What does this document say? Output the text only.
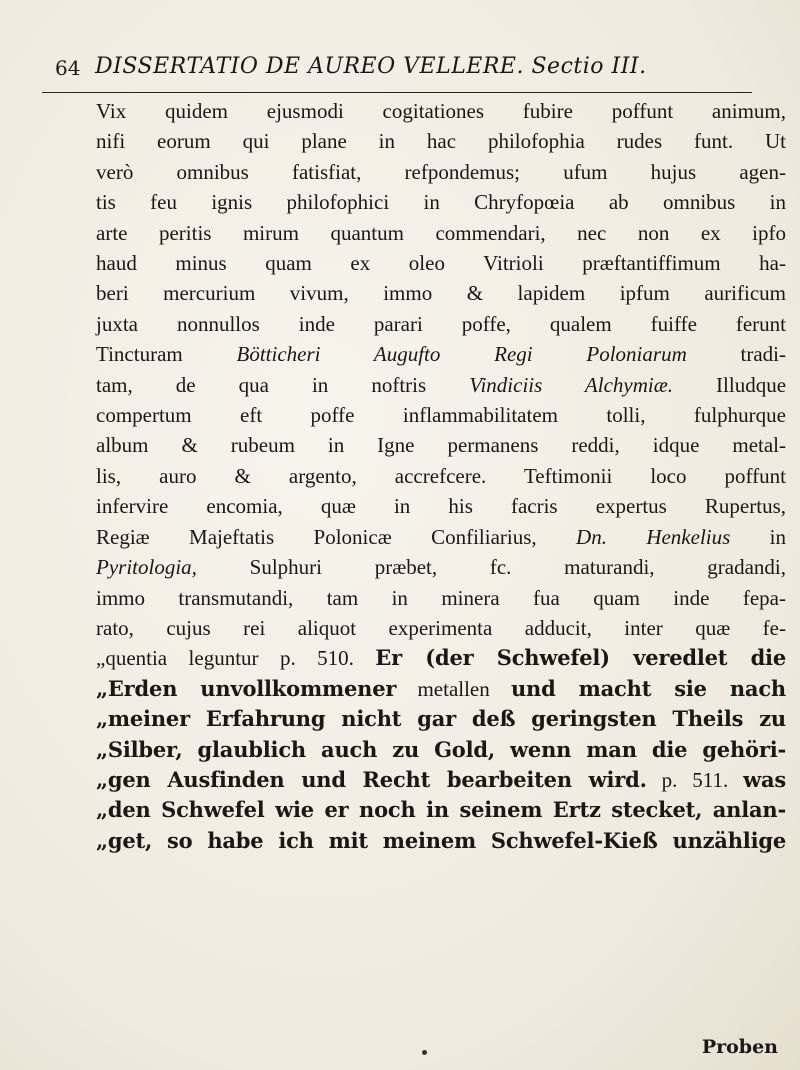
64 DISSERTATIO DE AUREO VELLERE. Sectio III.
Vix quidem ejusmodi cogitationes fubire poffunt animum,
nifi eorum qui plane in hac philofophia rudes funt. Ut
verò omnibus fatisfiat, refpondemus; ufum hujus agen-
tis feu ignis philofophici in Chryfopœia ab omnibus in
arte peritis mirum quantum commendari, nec non ex ipfo
haud minus quam ex oleo Vitrioli præftantiffimum ha-
beri mercurium vivum, immo & lapidem ipfum aurificum
juxta nonnullos inde parari poffe, qualem fuiffe ferunt
Tincturam Bötticheri Augufto Regi Poloniarum tradi-
tam, de qua in noftris Vindiciis Alchymiæ. Illudque
compertum eft poffe inflammabilitatem tolli, fulphurque
album & rubeum in Igne permanens reddi, idque metal-
lis, auro & argento, accrefcere. Teftimonii loco poffunt
infervire encomia, quæ in his facris expertus Rupertus,
Regiæ Majeftatis Polonicæ Confiliarius, Dn. Henkelius in
Pyritologia, Sulphuri præbet, fc. maturandi, gradandi,
immo transmutandi, tam in minera fua quam inde fepa-
rato, cujus rei aliquot experimenta adducit, inter quæ fe-
„quentia leguntur p. 510. Er (der Schwefel) veredlet die
„Erden unvollkommener metallen und macht sie nach
„meiner Erfahrung nicht gar deß geringsten Theils zu
„Silber, glaublich auch zu Gold, wenn man die gehöri-
„gen Ausfinden und Recht bearbeiten wird. p. 511. was
„den Schwefel wie er noch in seinem Ertz stecket, anlan-
„get, so habe ich mit meinem Schwefel-Kieß unzählige
Proben
